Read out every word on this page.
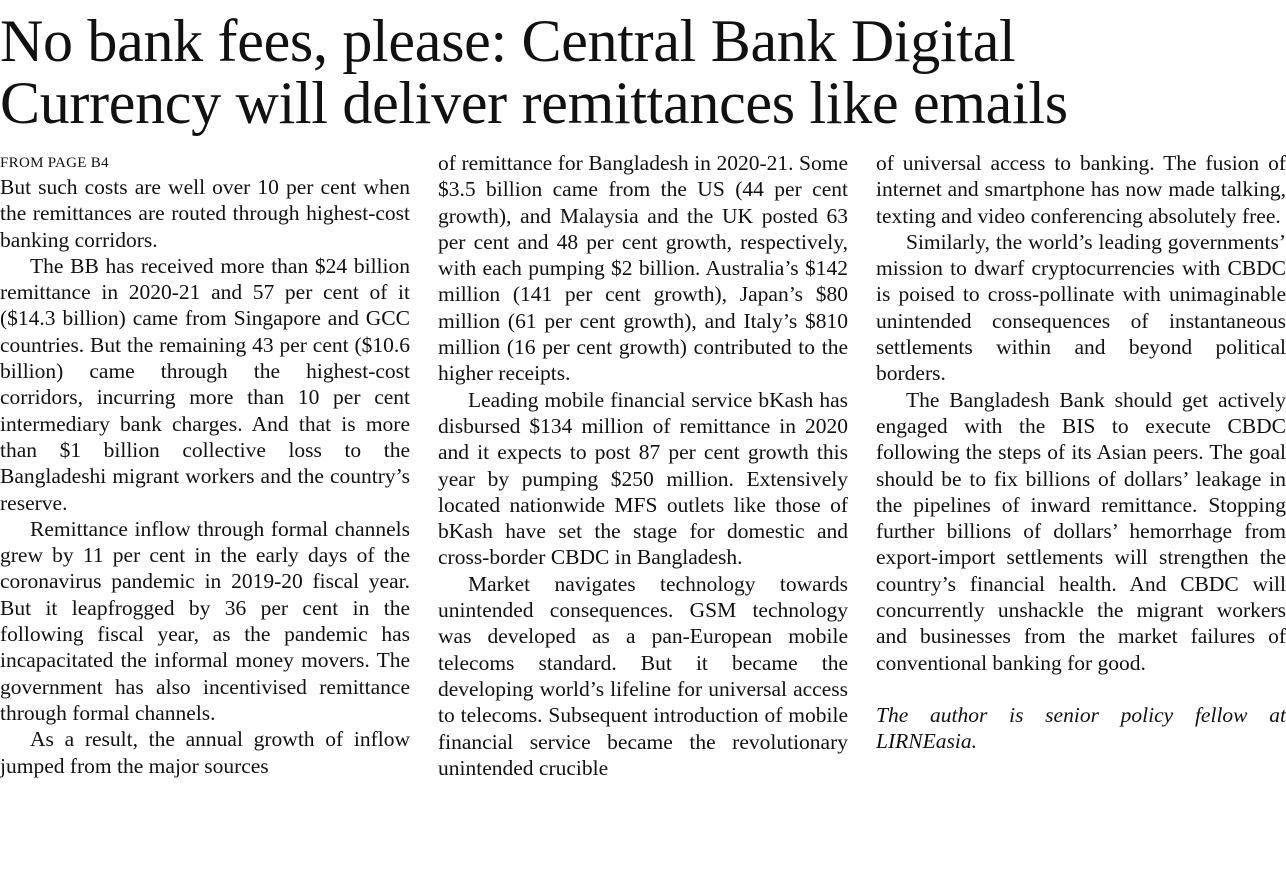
No bank fees, please: Central Bank Digital
Currency will deliver remittances like emails
FROM PAGE B4

But such costs are well over 10 per cent when the remittances are routed through highest-cost banking corridors.

The BB has received more than $24 billion remittance in 2020-21 and 57 per cent of it ($14.3 billion) came from Singapore and GCC countries. But the remaining 43 per cent ($10.6 billion) came through the highest-cost corridors, incurring more than 10 per cent intermediary bank charges. And that is more than $1 billion collective loss to the Bangladeshi migrant workers and the country’s reserve.

Remittance inflow through formal channels grew by 11 per cent in the early days of the coronavirus pandemic in 2019-20 fiscal year. But it leapfrogged by 36 per cent in the following fiscal year, as the pandemic has incapacitated the informal money movers. The government has also incentivised remittance through formal channels.

As a result, the annual growth of inflow jumped from the major sources

of remittance for Bangladesh in 2020-21. Some $3.5 billion came from the US (44 per cent growth), and Malaysia and the UK posted 63 per cent and 48 per cent growth, respectively, with each pumping $2 billion. Australia’s $142 million (141 per cent growth), Japan’s $80 million (61 per cent growth), and Italy’s $810 million (16 per cent growth) contributed to the higher receipts.

Leading mobile financial service bKash has disbursed $134 million of remittance in 2020 and it expects to post 87 per cent growth this year by pumping $250 million. Extensively located nationwide MFS outlets like those of bKash have set the stage for domestic and cross-border CBDC in Bangladesh.

Market navigates technology towards unintended consequences. GSM technology was developed as a pan-European mobile telecoms standard. But it became the developing world’s lifeline for universal access to telecoms. Subsequent introduction of mobile financial service became the revolutionary unintended crucible

of universal access to banking. The fusion of internet and smartphone has now made talking, texting and video conferencing absolutely free.

Similarly, the world’s leading governments’ mission to dwarf cryptocurrencies with CBDC is poised to cross-pollinate with unimaginable unintended consequences of instantaneous settlements within and beyond political borders.

The Bangladesh Bank should get actively engaged with the BIS to execute CBDC following the steps of its Asian peers. The goal should be to fix billions of dollars’ leakage in the pipelines of inward remittance. Stopping further billions of dollars’ hemorrhage from export-import settlements will strengthen the country’s financial health. And CBDC will concurrently unshackle the migrant workers and businesses from the market failures of conventional banking for good.

The author is senior policy fellow at LIRNEasia.
